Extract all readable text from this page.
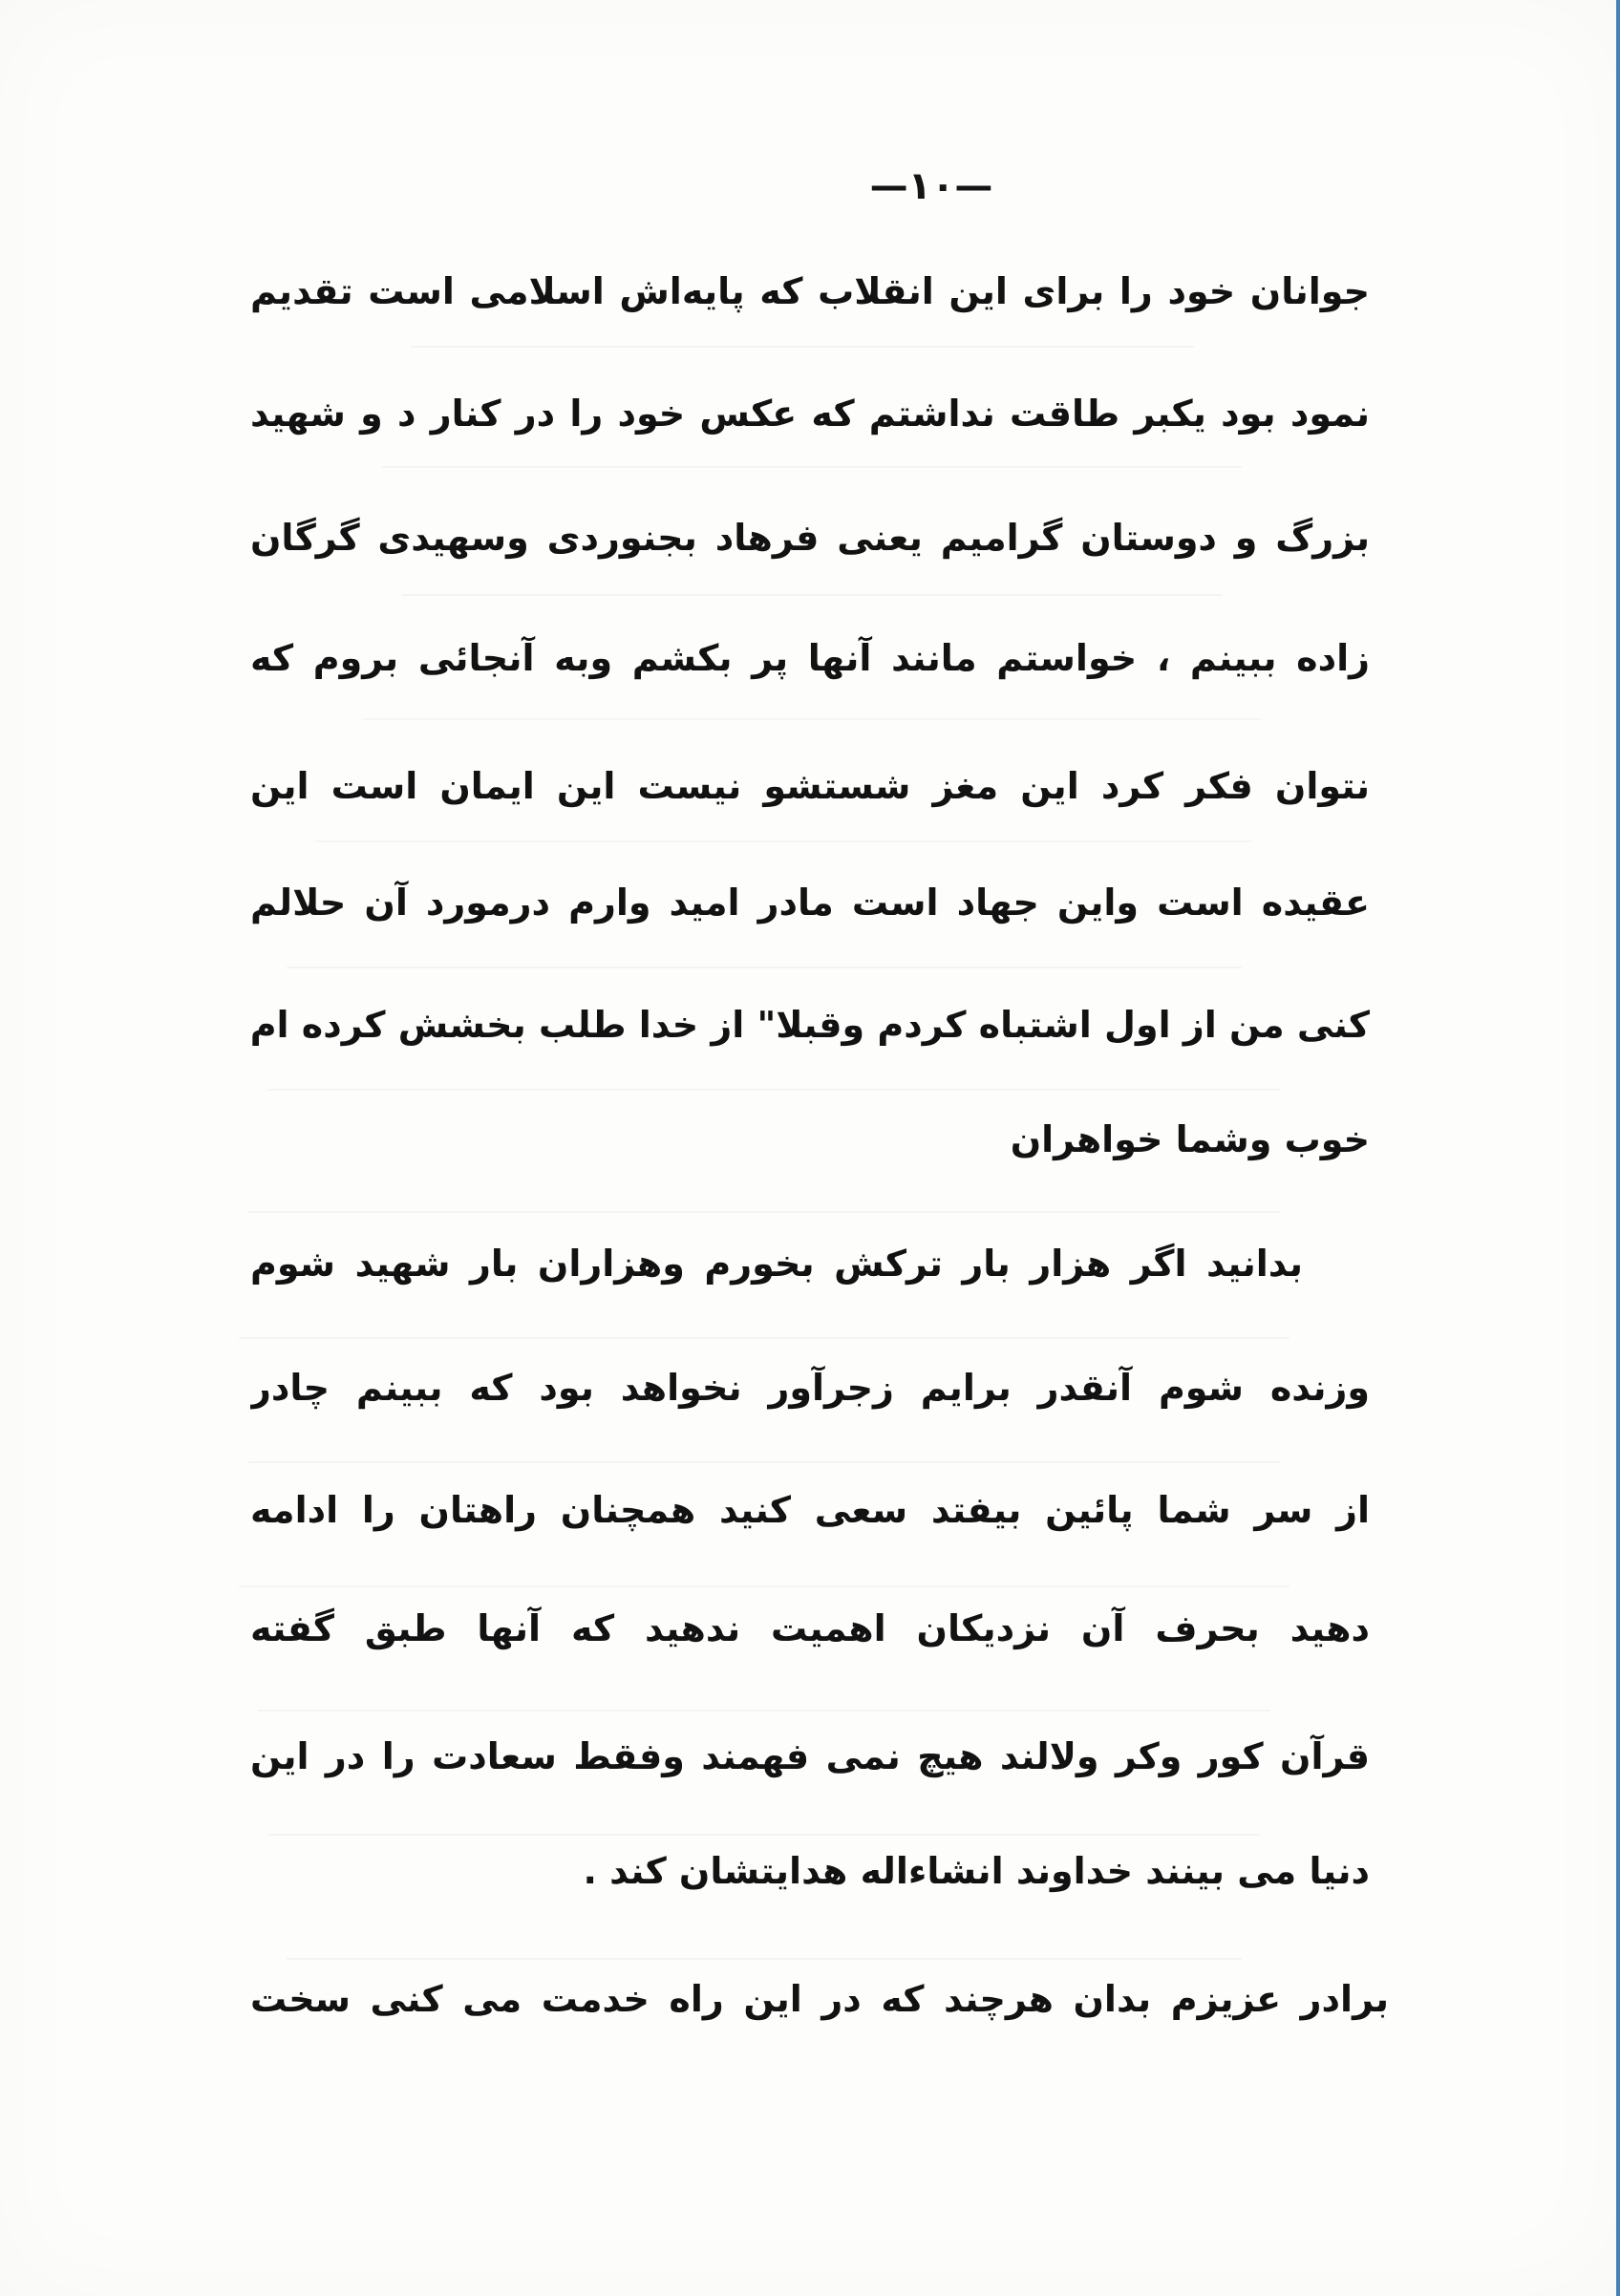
—١٠—

جوانان خود را برای این انقلاب که پایه‌اش اسلامی است تقدیم

نمود بود یکبر طاقت نداشتم که عکس خود را در کنار د و شهید

بزرگ و دوستان گرامیم یعنی فرهاد بجنوردی وسهیدی گرگان

زاده ببینم ، خواستم مانند آنها پر بکشم وبه آنجائی بروم که

نتوان فکر کرد این مغز شستشو نیست این ایمان است این

عقیده است واین جهاد است مادر امید وارم درمورد آن حلالم

کنی من از اول اشتباه کردم وقبلا" از خدا طلب بخشش کرده ام

خوب وشما خواهران

بدانید اگر هزار بار ترکش بخورم وهزاران بار شهید شوم

وزنده شوم آنقدر برایم زجرآور نخواهد بود که ببینم چادر

از سر شما پائین بیفتد سعی کنید همچنان راهتان را ادامه

دهید بحرف آن نزدیکان اهمیت ندهید که آنها طبق گفته

قرآن کور وکر ولالند هیچ نمی فهمند وفقط سعادت را در این

دنیا می بینند خداوند انشاءاله هدایتشان کند .

برادر عزیزم بدان هرچند که در این راه خدمت می کنی سخت
